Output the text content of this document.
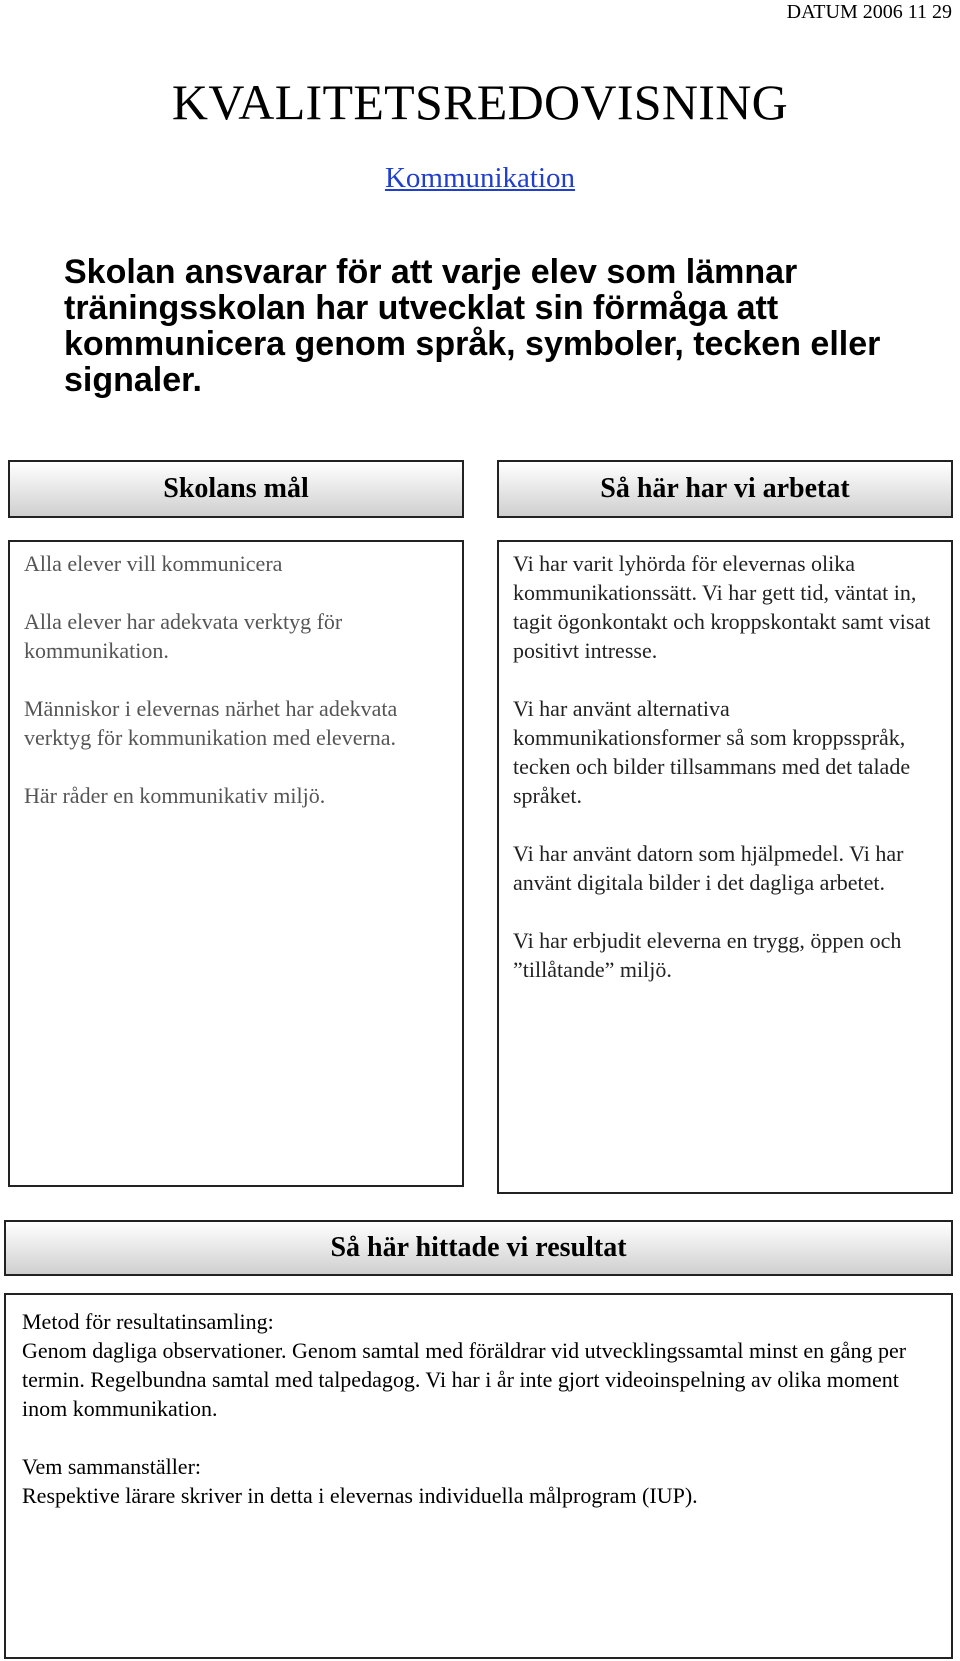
DATUM 2006 11 29
KVALITETSREDOVISNING
Kommunikation
Skolan ansvarar för att varje elev som lämnar träningsskolan har utvecklat sin förmåga att kommunicera genom språk, symboler, tecken eller signaler.
Skolans mål

Alla elever vill kommunicera

Alla elever har adekvata verktyg för kommunikation.

Människor i elevernas närhet har adekvata verktyg för kommunikation med eleverna.

Här råder en kommunikativ miljö.

Så här har vi arbetat

Vi har varit lyhörda för elevernas olika kommunikationssätt. Vi har gett tid, väntat in, tagit ögonkontakt och kroppskontakt samt visat positivt intresse.

Vi har använt alternativa kommunikationsformer så som kroppsspråk, tecken och bilder tillsammans med det talade språket.

Vi har använt datorn som hjälpmedel. Vi har använt digitala bilder i det dagliga arbetet.

Vi har erbjudit eleverna en trygg, öppen och ”tillåtande” miljö.

Så här hittade vi resultat

Metod för resultatinsamling:
Genom dagliga observationer. Genom samtal med föräldrar vid utvecklingssamtal minst en gång per termin. Regelbundna samtal med talpedagog. Vi har i år inte gjort videoinspelning av olika moment inom kommunikation.

Vem sammanställer:
Respektive lärare skriver in detta i elevernas individuella målprogram (IUP).
